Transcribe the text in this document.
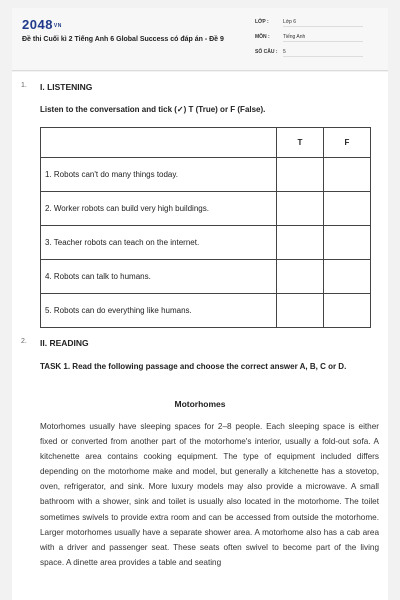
2048VN
Đề thi Cuối kì 2 Tiếng Anh 6 Global Success có đáp án - Đề 9
LỚP :	Lớp 6
MÔN :	Tiếng Anh
SỐ CÂU : 5
1. I. LISTENING
Listen to the conversation and tick (✓) T (True) or F (False).
	T	F
1. Robots can't do many things today.		
2. Worker robots can build very high buildings.		
3. Teacher robots can teach on the internet.		
4. Robots can talk to humans.		
5. Robots can do everything like humans.		
2. II. READING
TASK 1. Read the following passage and choose the correct answer A, B, C or D.
Motorhomes
Motorhomes usually have sleeping spaces for 2–8 people. Each sleeping space is either fixed or converted from another part of the motorhome's interior, usually a fold-out sofa. A kitchenette area contains cooking equipment. The type of equipment included differs depending on the motorhome make and model, but generally a kitchenette has a stovetop, oven, refrigerator, and sink. More luxury models may also provide a microwave. A small bathroom with a shower, sink and toilet is usually also located in the motorhome. The toilet sometimes swivels to provide extra room and can be accessed from outside the motorhome. Larger motorhomes usually have a separate shower area. A motorhome also has a cab area with a driver and passenger seat. These seats often swivel to become part of the living space. A dinette area provides a table and seating
